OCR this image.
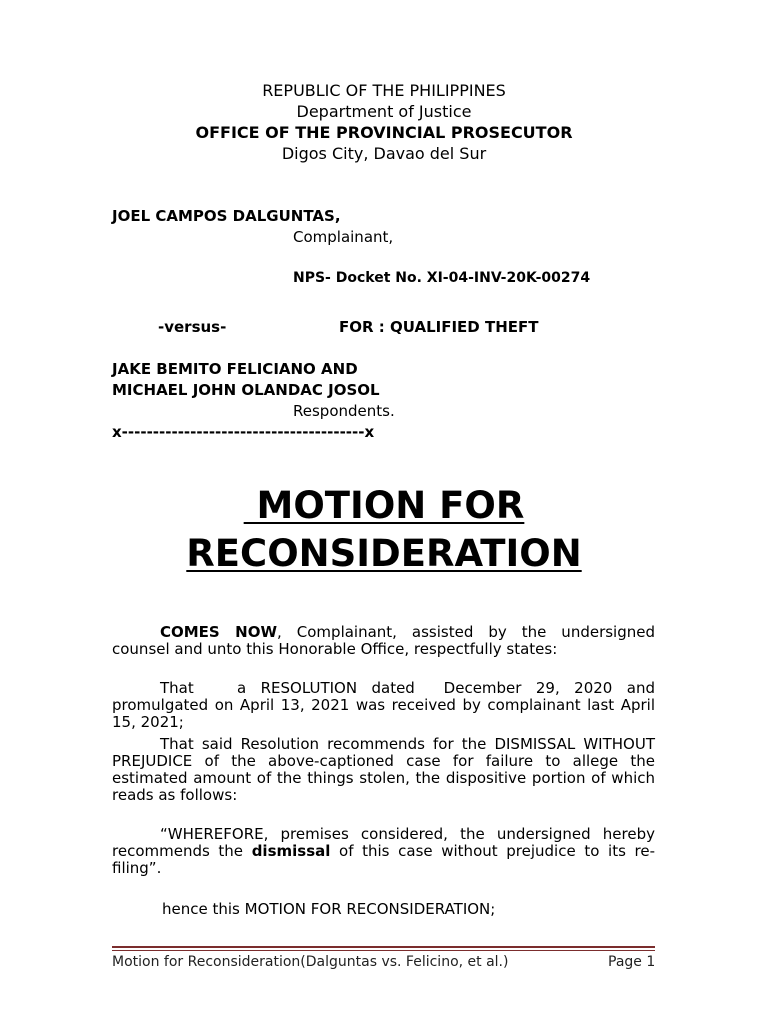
REPUBLIC OF THE PHILIPPINES
Department of Justice
OFFICE OF THE PROVINCIAL PROSECUTOR
Digos City, Davao del Sur
JOEL CAMPOS DALGUNTAS,
Complainant,
NPS- Docket No. XI-04-INV-20K-00274
-versus-	FOR : QUALIFIED THEFT
JAKE BEMITO FELICIANO AND
MICHAEL JOHN OLANDAC JOSOL
Respondents.
x---------------------------------------x
MOTION FOR
RECONSIDERATION
COMES NOW, Complainant, assisted by the undersigned counsel and unto this Honorable Office, respectfully states:
That	a RESOLUTION dated December 29, 2020 and promulgated on April 13, 2021 was received by complainant last April 15, 2021;
That said Resolution recommends for the DISMISSAL WITHOUT PREJUDICE of the above-captioned case for failure to allege the estimated amount of the things stolen, the dispositive portion of which reads as follows:
“WHEREFORE, premises considered, the undersigned hereby recommends the dismissal of this case without prejudice to its re-filing”.
hence this MOTION FOR RECONSIDERATION;
Motion for Reconsideration(Dalguntas vs. Felicino, et al.)	Page 1
